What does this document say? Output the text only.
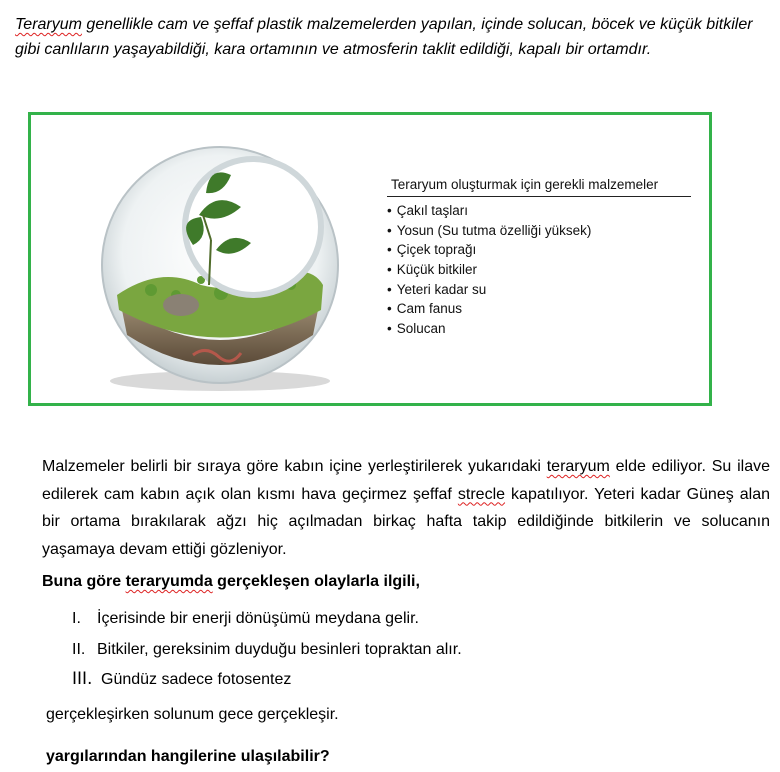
Teraryum genellikle cam ve şeffaf plastik malzemelerden yapılan, içinde solucan, böcek ve küçük bitkiler gibi canlıların yaşayabildiği, kara ortamının ve atmosferin taklit edildiği, kapalı bir ortamdır.
Teraryum oluşturmak için gerekli malzemeler
• Çakıl taşları
• Yosun (Su tutma özelliği yüksek)
• Çiçek toprağı
• Küçük bitkiler
• Yeteri kadar su
• Cam fanus
• Solucan
Malzemeler belirli bir sıraya göre kabın içine yerleştirilerek yukarıdaki teraryum elde ediliyor. Su ilave edilerek cam kabın açık olan kısmı hava geçirmez şeffaf strecle kapatılıyor. Yeteri kadar Güneş alan bir ortama bırakılarak ağzı hiç açılmadan birkaç hafta takip edildiğinde bitkilerin ve solucanın yaşamaya devam ettiği gözleniyor.
Buna göre teraryumda gerçekleşen olaylarla ilgili,
I. İçerisinde bir enerji dönüşümü meydana gelir.
II. Bitkiler, gereksinim duyduğu besinleri topraktan alır.
III. Gündüz sadece fotosentez
gerçekleşirken solunum gece gerçekleşir.
yargılarından hangilerine ulaşılabilir?
